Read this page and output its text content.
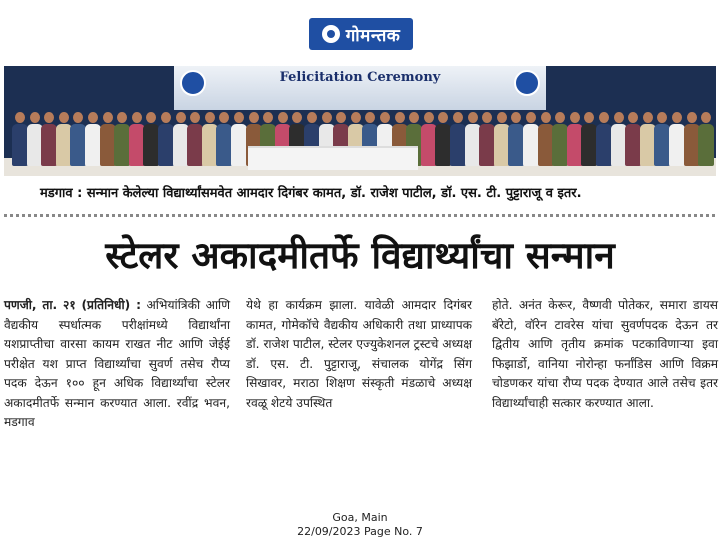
गोमन्तक
Felicitation Ceremony
मडगाव : सन्मान केलेल्या विद्यार्थ्यांसमवेत आमदार दिगंबर कामत, डॉ. राजेश पाटील, डॉ. एस. टी. पुट्टाराजू व इतर.
स्टेलर अकादमीतर्फे विद्यार्थ्यांचा सन्मान
पणजी, ता. २१ (प्रतिनिधी) : अभियांत्रिकी आणि वैद्यकीय स्पर्धात्मक परीक्षांमध्ये विद्यार्थांना यशप्राप्तीचा वारसा कायम राखत नीट आणि जेईई परीक्षेत यश प्राप्त विद्यार्थ्यांचा सुवर्ण तसेच रौप्य पदक देऊन १०० हून अधिक विद्यार्थ्यांचा स्टेलर अकादमीतर्फे सन्मान करण्यात आला. रवींद्र भवन, मडगाव
येथे हा कार्यक्रम झाला. यावेळी आमदार दिगंबर कामत, गोमेकॉचे वैद्यकीय अधिकारी तथा प्राध्यापक डॉ. राजेश पाटील, स्टेलर एज्युकेशनल ट्रस्टचे अध्यक्ष डॉ. एस. टी. पुट्टाराजू, संचालक योगेंद्र सिंग सिखावर, मराठा शिक्षण संस्कृती मंडळाचे अध्यक्ष रवळू शेटये उपस्थित
होते. अनंत केरूर, वैष्णवी पोतेकर, समारा डायस बॅरेटो, वॉरेन टावरेस यांचा सुवर्णपदक देऊन तर द्वितीय आणि तृतीय क्रमांक पटकाविणाऱ्या इवा फिझार्डो, वानिया नोरोन्हा फर्नांडिस आणि विक्रम चोडणकर यांचा रौप्य पदक देण्यात आले तसेच इतर विद्यार्थ्यांचाही सत्कार करण्यात आला.
Goa, Main
22/09/2023 Page No. 7
